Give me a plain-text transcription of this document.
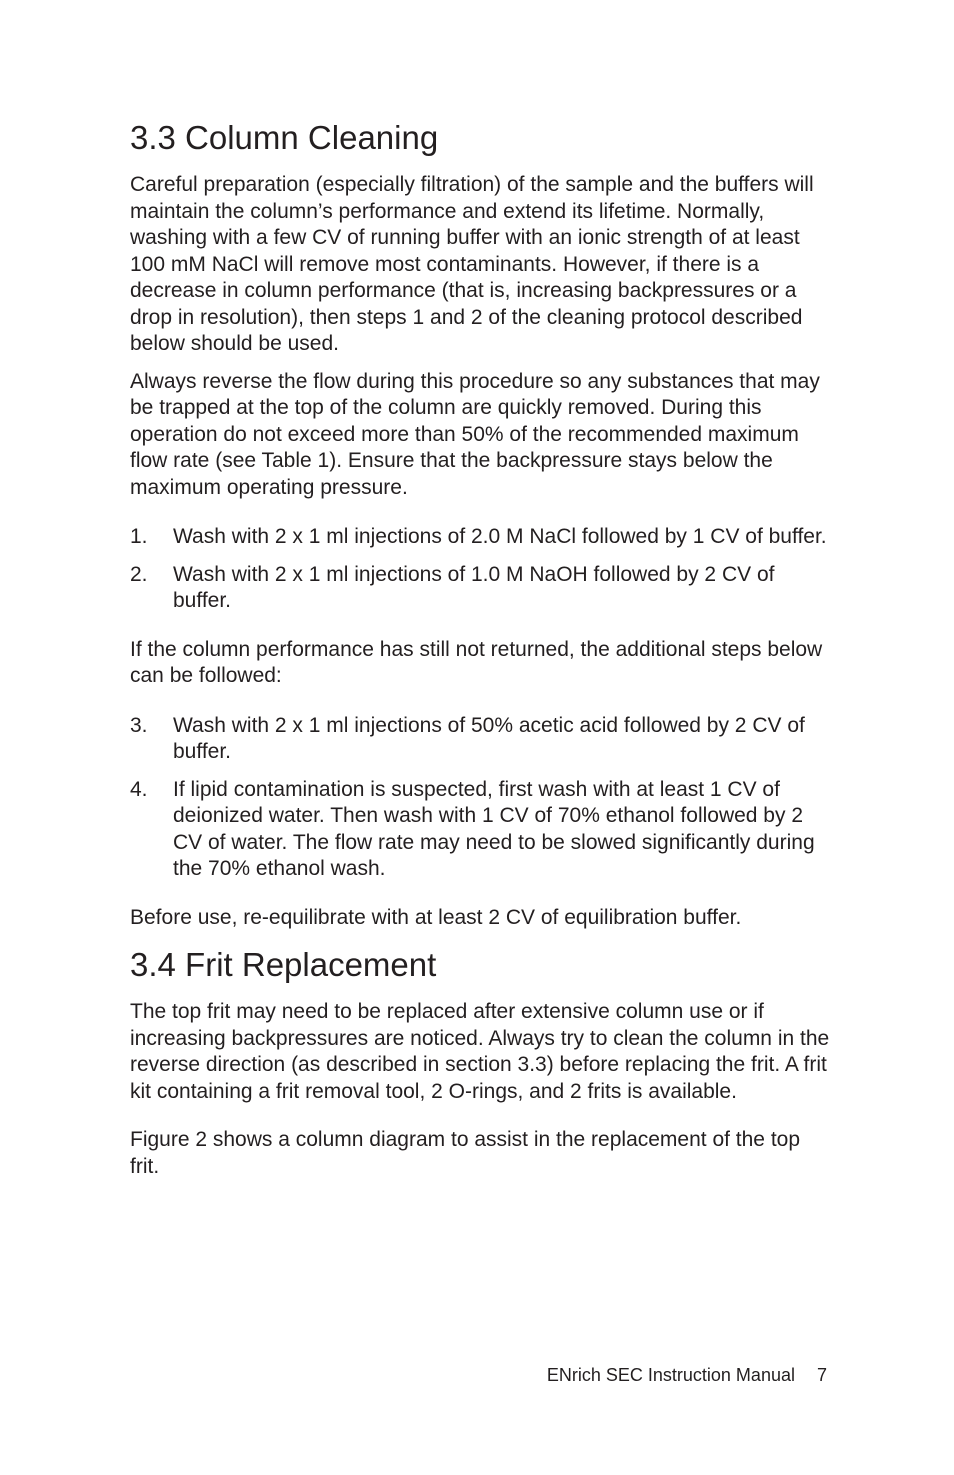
3.3 Column Cleaning

Careful preparation (especially filtration) of the sample and the buffers will maintain the column’s performance and extend its lifetime. Normally, washing with a few CV of running buffer with an ionic strength of at least 100 mM NaCl will remove most contaminants. However, if there is a decrease in column performance (that is, increasing backpressures or a drop in resolution), then steps 1 and 2 of the cleaning protocol described below should be used.

Always reverse the flow during this procedure so any substances that may be trapped at the top of the column are quickly removed. During this operation do not exceed more than 50% of the recommended maximum flow rate (see Table 1). Ensure that the backpressure stays below the maximum operating pressure.

1. Wash with 2 x 1 ml injections of 2.0 M NaCl followed by 1 CV of buffer.
2. Wash with 2 x 1 ml injections of 1.0 M NaOH followed by 2 CV of buffer.

If the column performance has still not returned, the additional steps below can be followed:

3. Wash with 2 x 1 ml injections of 50% acetic acid followed by 2 CV of buffer.
4. If lipid contamination is suspected, first wash with at least 1 CV of deionized water. Then wash with 1 CV of 70% ethanol followed by 2 CV of water. The flow rate may need to be slowed significantly during the 70% ethanol wash.

Before use, re-equilibrate with at least 2 CV of equilibration buffer.

3.4 Frit Replacement

The top frit may need to be replaced after extensive column use or if increasing backpressures are noticed. Always try to clean the column in the reverse direction (as described in section 3.3) before replacing the frit. A frit kit containing a frit removal tool, 2 O-rings, and 2 frits is available.

Figure 2 shows a column diagram to assist in the replacement of the top frit.

ENrich SEC Instruction Manual 7
